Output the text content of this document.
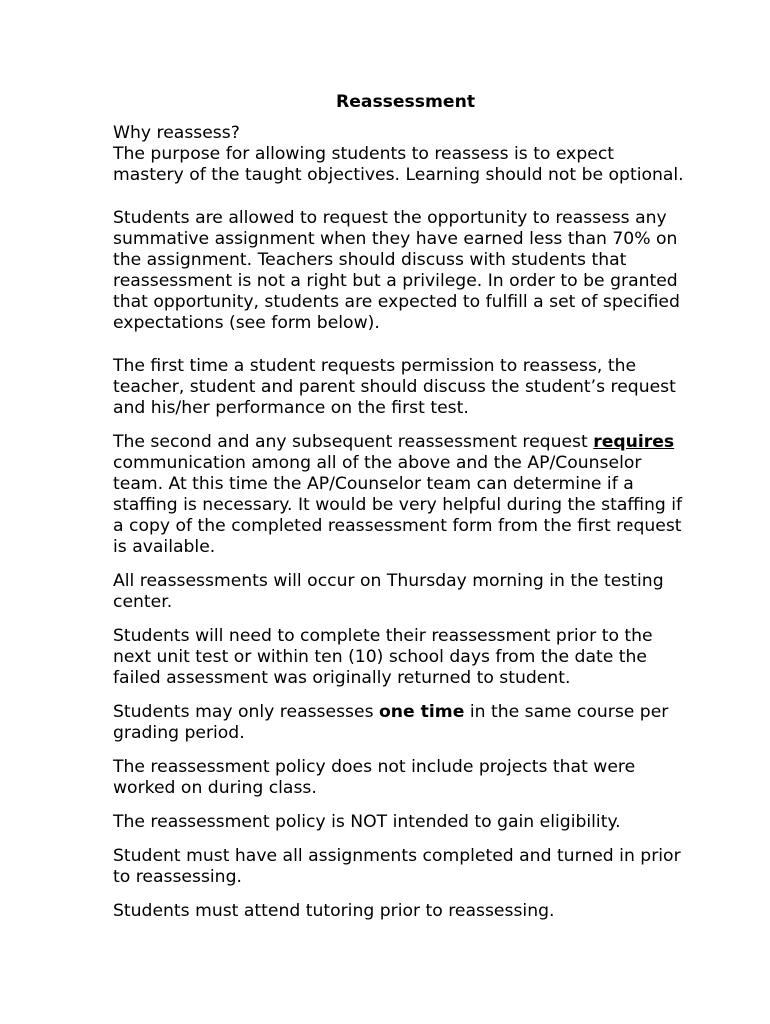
Reassessment

Why reassess?

The purpose for allowing students to reassess is to expect mastery of the taught objectives. Learning should not be optional.

Students are allowed to request the opportunity to reassess any summative assignment when they have earned less than 70% on the assignment. Teachers should discuss with students that reassessment is not a right but a privilege. In order to be granted that opportunity, students are expected to fulfill a set of specified expectations (see form below).

The first time a student requests permission to reassess, the teacher, student and parent should discuss the student’s request and his/her performance on the first test.

The second and any subsequent reassessment request requires communication among all of the above and the AP/Counselor team. At this time the AP/Counselor team can determine if a staffing is necessary. It would be very helpful during the staffing if a copy of the completed reassessment form from the first request is available.

All reassessments will occur on Thursday morning in the testing center.

Students will need to complete their reassessment prior to the next unit test or within ten (10) school days from the date the failed assessment was originally returned to student.

Students may only reassesses one time in the same course per grading period.

The reassessment policy does not include projects that were worked on during class.

The reassessment policy is NOT intended to gain eligibility.

Student must have all assignments completed and turned in prior to reassessing.

Students must attend tutoring prior to reassessing.
